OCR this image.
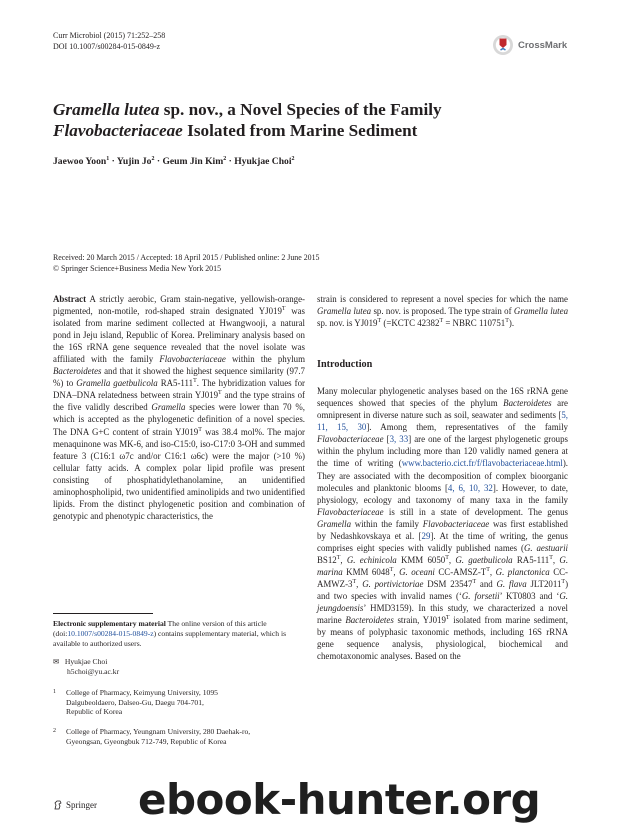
Curr Microbiol (2015) 71:252–258
DOI 10.1007/s00284-015-0849-z	CrossMark
Gramella lutea sp. nov., a Novel Species of the Family
Flavobacteriaceae Isolated from Marine Sediment
Jaewoo Yoon$^1$ · Yujin $Jo^2$ · Geum Jin Kim$^2$ · Hyukjae Choi$^2$
Received: 20 March 2015 / Accepted: 18 April 2015 / Published online: 2 June 2015
© Springer Science+Business Media New York 2015

Abstract A strictly aerobic, Gram stain-negative, yellowish-orange-pigmented, non-motile, rod-shaped strain designated $YJ019^T$ was isolated from marine sediment collected at Hwangwooji, a natural pond in Jeju island, Republic of Korea. Preliminary analysis based on the 16S rRNA gene sequence revealed that the novel isolate was affiliated with the family Flavobacteriaceae within the phylum Bacteroidetes and that it showed the highest sequence similarity (97.7 %) to Gramella gaetbulicola $RA5-111^T$. The hybridization values for DNA–DNA relatedness between strain $YJ019^T$ and the type strains of the five validly described Gramella species were lower than 70 %, which is accepted as the phylogenetic definition of a novel species. The DNA G+C content of strain $YJ019^T$ was 38.4 mol%. The major menaquinone was MK-6, and iso-C15:0, iso-C17:0 3-OH and summed feature 3 (C16:1 ω7c and/or C16:1 ω6c) were the major (>10 %) cellular fatty acids. A complex polar lipid profile was present consisting of phosphatidylethanolamine, an unidentified aminophospholipid, two unidentified aminolipids and two unidentified lipids. From the distinct phylogenetic position and combination of genotypic and phenotypic characteristics, the

Electronic supplementary material The online version of this article (doi:10.1007/s00284-015-0849-z) contains supplementary material, which is available to authorized users.
✉ Hyukjae Choi
h5choi@yu.ac.kr
1 College of Pharmacy, Keimyung University, 1095
Dalgubeoldaero, Dalseo-Gu, Daegu 704-701,
Republic of Korea
2 College of Pharmacy, Yeungnam University, 280 Daehak-ro,
Gyeongsan, Gyeongbuk 712-749, Republic of Korea

strain is considered to represent a novel species for which the name Gramella lutea sp. nov. is proposed. The type strain of Gramella lutea sp. nov. is $YJ019^T$ (=KCTC $42382^T$ = NBRC $110751^T$).

Introduction

Many molecular phylogenetic analyses based on the 16S rRNA gene sequences showed that species of the phylum Bacteroidetes are omnipresent in diverse nature such as soil, seawater and sediments [5, 11, 15, 30]. Among them, representatives of the family Flavobacteriaceae [3, 33] are one of the largest phylogenetic groups within the phylum including more than 120 validly named genera at the time of writing (www.bacterio.cict.fr/f/flavobacteriaceae.html). They are associated with the decomposition of complex bioorganic molecules and planktonic blooms [4, 6, 10, 32]. However, to date, physiology, ecology and taxonomy of many taxa in the family Flavobacteriaceae is still in a state of development. The genus Gramella within the family Flavobacteriaceae was first established by Nedashkovskaya et al. [29]. At the time of writing, the genus comprises eight species with validly published names (G. aestuarii $BS12^T$, G. echinicola KMM $6050^T$, G. gaetbulicola $RA5-111^T$, G. marina KMM $6048^T$, G. oceani $CC-AMSZ-T^T$, G. planctonica $CC-AMWZ-3^T$, G. portivictoriae DSM $23547^T$ and G. flava $JLT2011^T$) and two species with invalid names (‘G. forsetii’ KT0803 and ‘G. jeungdoensis’ HMD3159). In this study, we characterized a novel marine Bacteroidetes strain, $YJ019^T$ isolated from marine sediment, by means of polyphasic taxonomic methods, including 16S rRNA gene sequence analysis, physiological, biochemical and chemotaxonomic analyses. Based on the

Springer ebook-hunter.org
